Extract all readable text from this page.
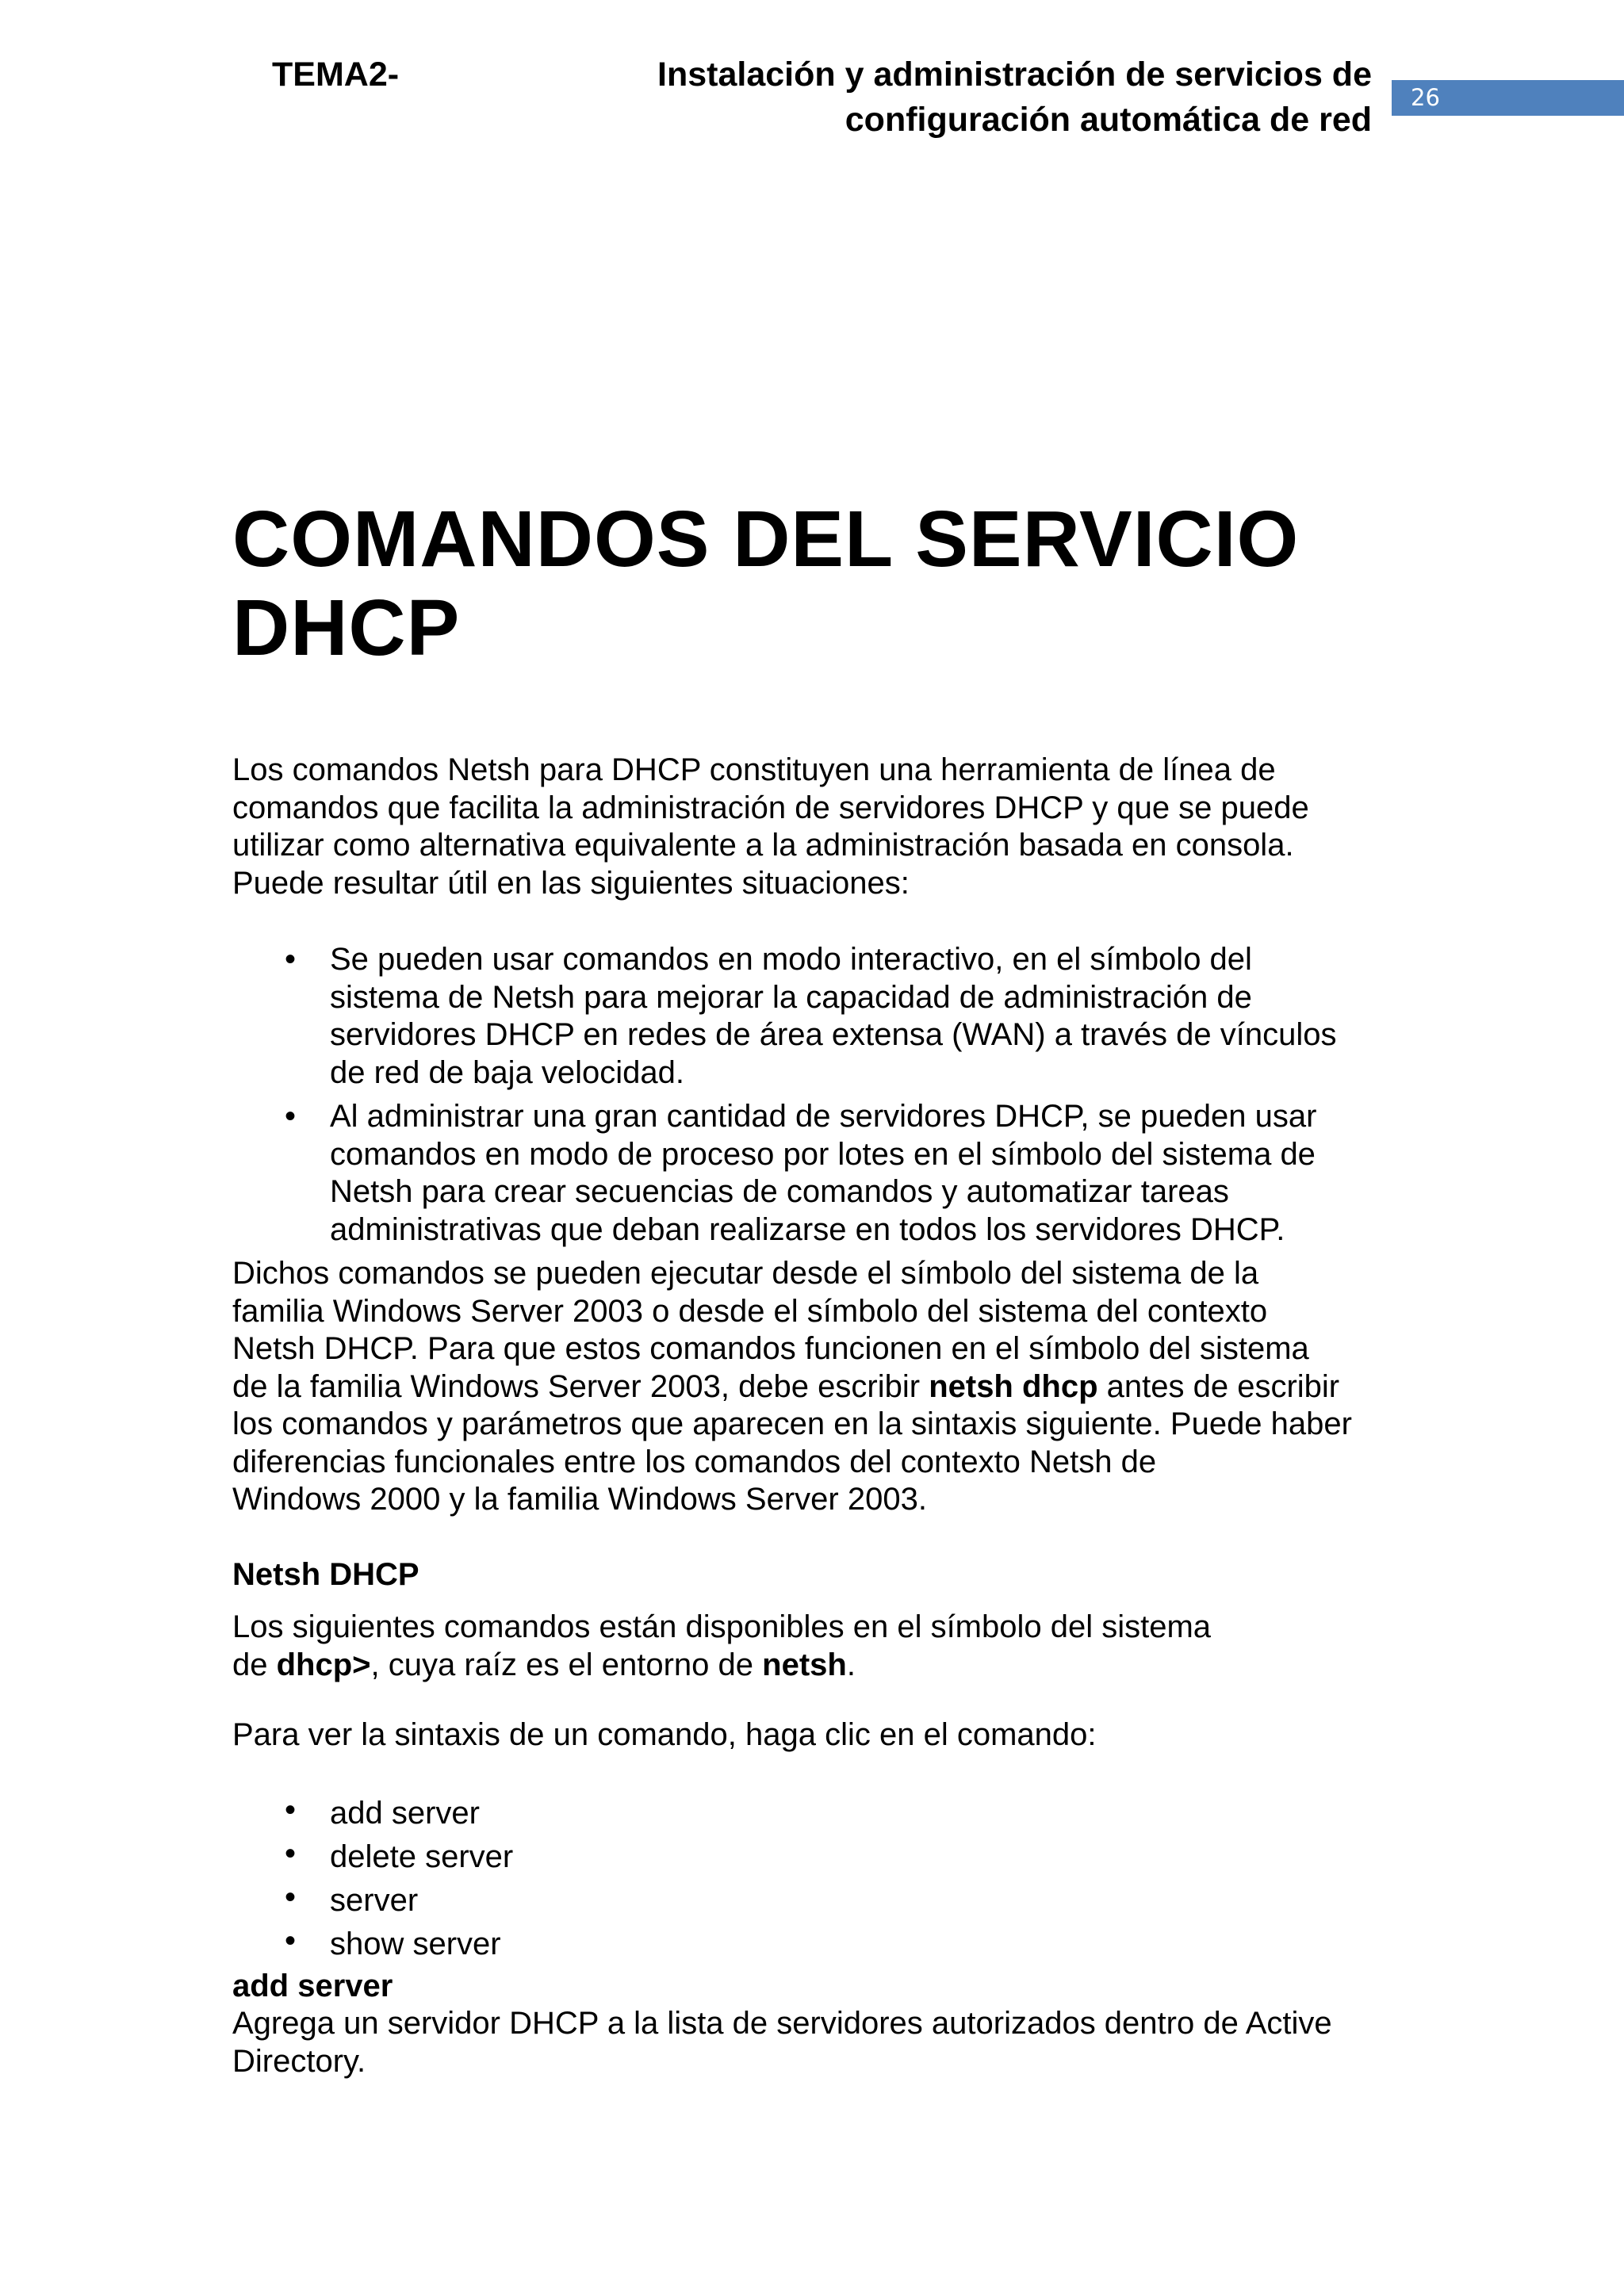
TEMA2-	Instalación y administración de servicios de
configuración automática de red

26
COMANDOS DEL SERVICIO
DHCP

Los comandos Netsh para DHCP constituyen una herramienta de línea de
comandos que facilita la administración de servidores DHCP y que se puede
utilizar como alternativa equivalente a la administración basada en consola.
Puede resultar útil en las siguientes situaciones:

• Se pueden usar comandos en modo interactivo, en el símbolo del
sistema de Netsh para mejorar la capacidad de administración de
servidores DHCP en redes de área extensa (WAN) a través de vínculos
de red de baja velocidad.
• Al administrar una gran cantidad de servidores DHCP, se pueden usar
comandos en modo de proceso por lotes en el símbolo del sistema de
Netsh para crear secuencias de comandos y automatizar tareas
administrativas que deban realizarse en todos los servidores DHCP.

Dichos comandos se pueden ejecutar desde el símbolo del sistema de la
familia Windows Server 2003 o desde el símbolo del sistema del contexto
Netsh DHCP. Para que estos comandos funcionen en el símbolo del sistema
de la familia Windows Server 2003, debe escribir netsh dhcp antes de escribir
los comandos y parámetros que aparecen en la sintaxis siguiente. Puede haber
diferencias funcionales entre los comandos del contexto Netsh de
Windows 2000 y la familia Windows Server 2003.

Netsh DHCP

Los siguientes comandos están disponibles en el símbolo del sistema
de dhcp>, cuya raíz es el entorno de netsh.

Para ver la sintaxis de un comando, haga clic en el comando:

• add server
• delete server
• server
• show server

add server

Agrega un servidor DHCP a la lista de servidores autorizados dentro de Active
Directory.
